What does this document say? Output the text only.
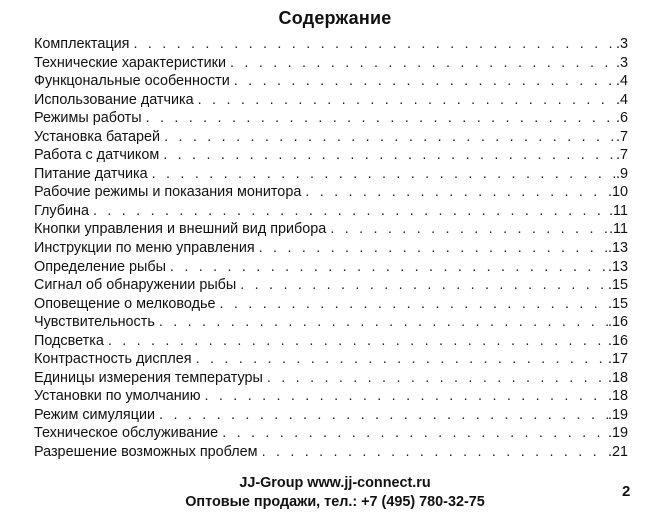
Содержание
Комплектация . . .	.3
Технические характеристики . . .	.3
Функцональные особенности . . .	.4
Использование датчика . . .	.4
Режимы работы . . .	.6
Установка батарей . . .	.7
Работа с датчиком . . .	.7
Питание датчика . . .	.9
Рабочие режимы и показания монитора . . .	.10
Глубина . . .	.11
Кнопки управления и внешний вид прибора . . .	.11
Инструкции по меню управления . . .	.13
Определение рыбы . . .	.13
Сигнал об обнаружении рыбы . . .	.15
Оповещение о мелководье . . .	.15
Чувствительность . . .	.16
Подсветка . . .	.16
Контрастность дисплея . . .	.17
Единицы измерения температуры . . .	.18
Установки по умолчанию . . .	.18
Режим симуляции . . .	.19
Техническое обслуживание . . .	.19
Разрешение возможных проблем . . .	.21
JJ-Group www.jj-connect.ru
Оптовые продажи, тел.: +7 (495) 780-32-75
2
